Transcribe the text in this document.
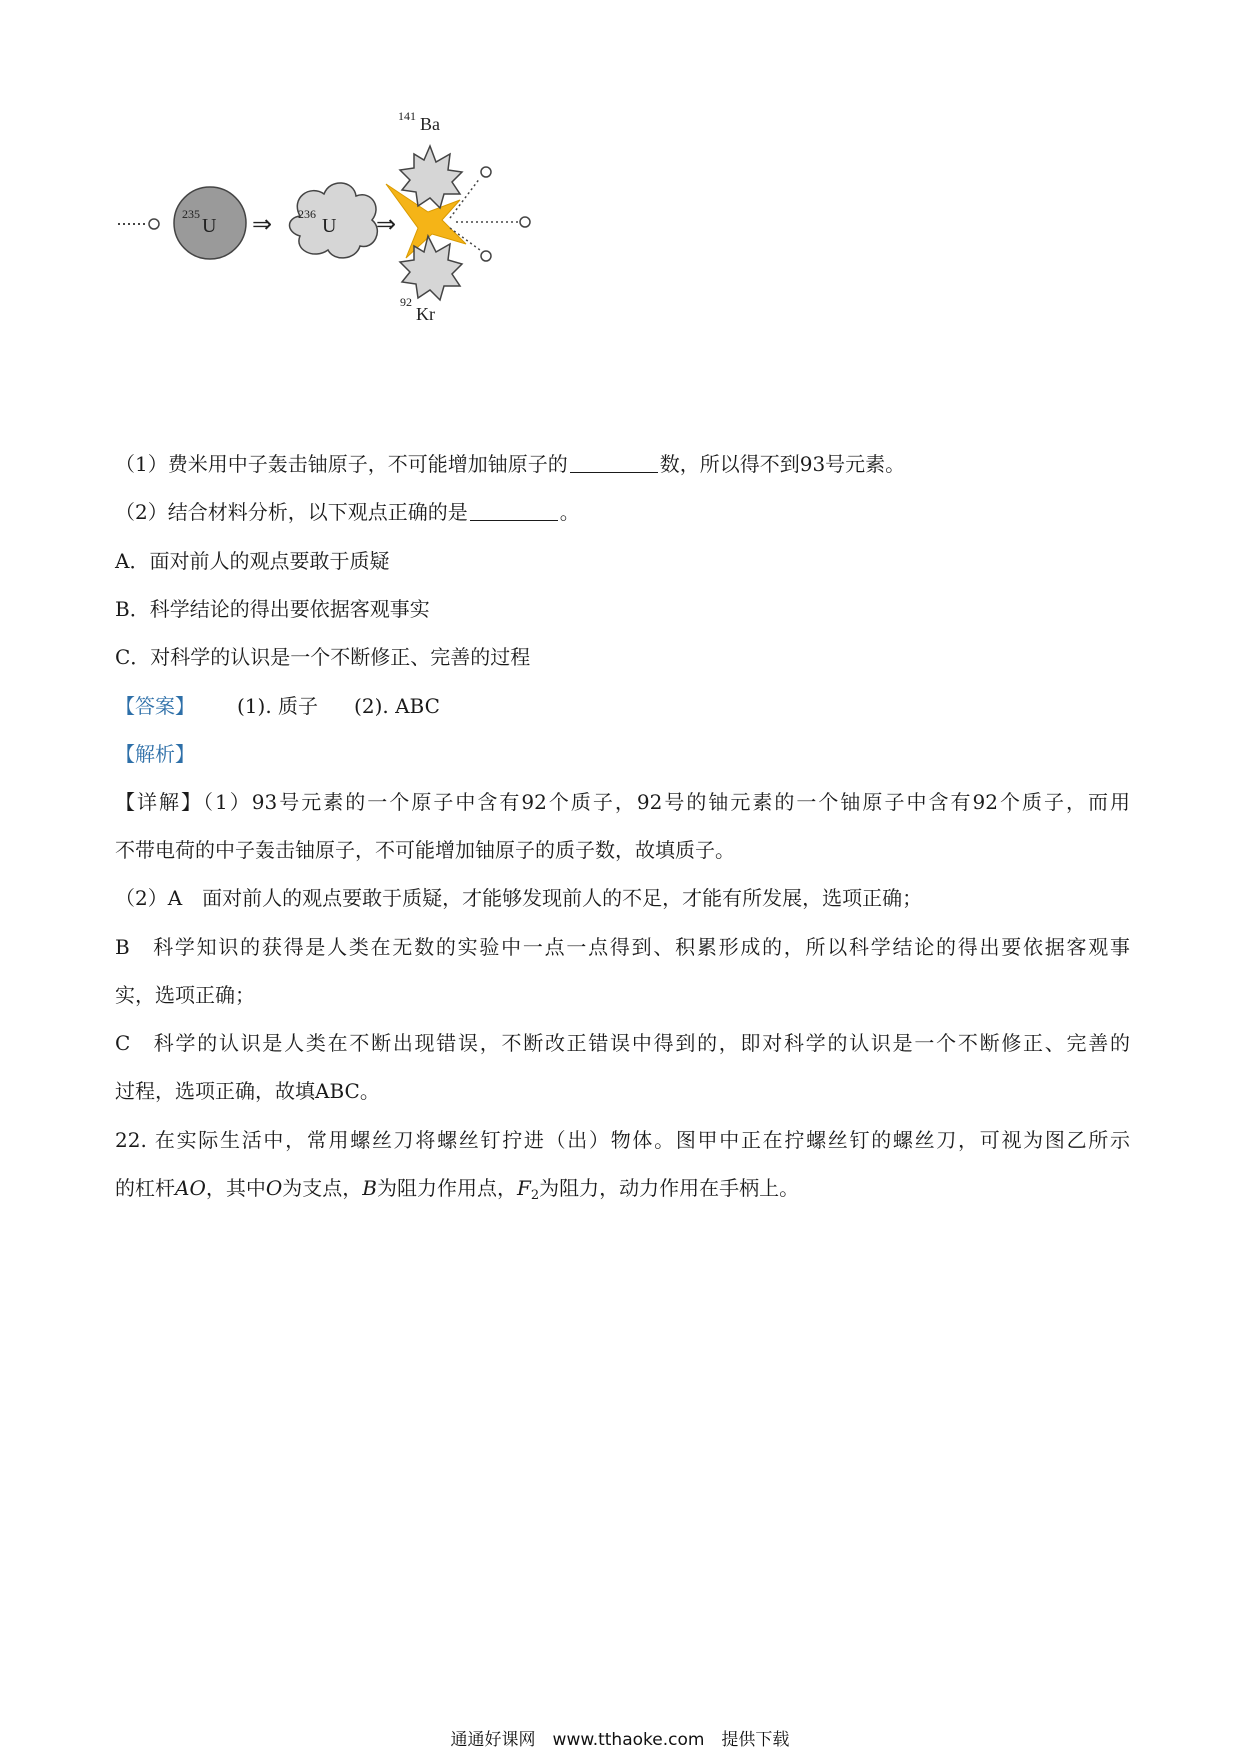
235
U ⇒ 236
U ⇒
141 Ba
92
Kr
（1）费米用中子轰击铀原子，不可能增加铀原子的	数，所以得不到93号元素。
（2）结合材料分析，以下观点正确的是	。
A．面对前人的观点要敢于质疑
B．科学结论的得出要依据客观事实
C．对科学的认识是一个不断修正、完善的过程
【答案】 (1). 质子 (2). ABC
【解析】
【详解】（1）93号元素的一个原子中含有92个质子，92号的铀元素的一个铀原子中含有92个质子，而用
不带电荷的中子轰击铀原子，不可能增加铀原子的质子数，故填质子。
（2）A　面对前人的观点要敢于质疑，才能够发现前人的不足，才能有所发展，选项正确；
B　科学知识的获得是人类在无数的实验中一点一点得到、积累形成的，所以科学结论的得出要依据客观事
实，选项正确；
C　科学的认识是人类在不断出现错误，不断改正错误中得到的，即对科学的认识是一个不断修正、完善的
过程，选项正确，故填ABC。
22. 在实际生活中，常用螺丝刀将螺丝钉拧进（出）物体。图甲中正在拧螺丝钉的螺丝刀，可视为图乙所示
的杠杆AO，其中O为支点，B为阻力作用点，$F_2$为阻力，动力作用在手柄上。
通通好课网　www.tthaoke.com　提供下载
